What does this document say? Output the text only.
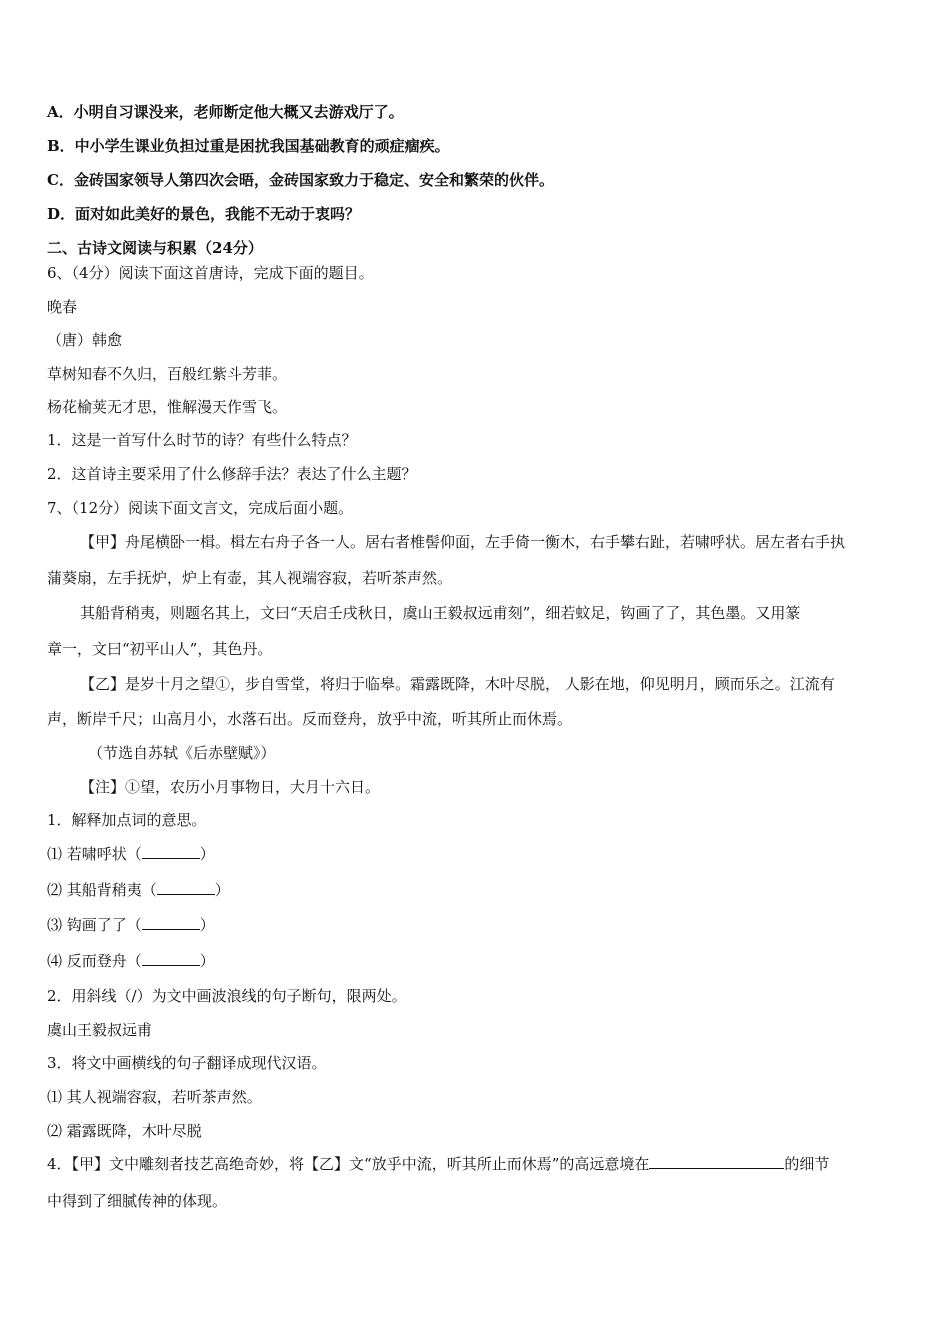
A．小明自习课没来，老师断定他大概又去游戏厅了。
B．中小学生课业负担过重是困扰我国基础教育的顽症痼疾。
C．金砖国家领导人第四次会晤，金砖国家致力于稳定、安全和繁荣的伙伴。
D．面对如此美好的景色，我能不无动于衷吗？
二、古诗文阅读与积累（24分）
6、（4分）阅读下面这首唐诗，完成下面的题目。
晚春
（唐）韩愈
草树知春不久归，百般红紫斗芳菲。
杨花榆荚无才思，惟解漫天作雪飞。
1．这是一首写什么时节的诗？有些什么特点？
2．这首诗主要采用了什么修辞手法？表达了什么主题？
7、（12分）阅读下面文言文，完成后面小题。
【甲】舟尾横卧一楫。楫左右舟子各一人。居右者椎髻仰面，左手倚一衡木，右手攀右趾，若啸呼状。居左者右手执
蒲葵扇，左手抚炉，炉上有壶，其人视端容寂，若听茶声然。
其船背稍夷，则题名其上，文曰“天启壬戌秋日，虞山王毅叔远甫刻”，细若蚊足，钩画了了，其色墨。又用篆
章一，文曰“初平山人”，其色丹。
【乙】是岁十月之望①，步自雪堂，将归于临皋。霜露既降，木叶尽脱， 人影在地，仰见明月，顾而乐之。江流有
声，断岸千尺；山高月小，水落石出。反而登舟，放乎中流，听其所止而休焉。
（节选自苏轼《后赤壁赋》）
【注】①望，农历小月事物日，大月十六日。
1．解释加点词的意思。
⑴ 若啸呼状（	）
⑵ 其船背稍夷（	）
⑶ 钩画了了（	）
⑷ 反而登舟（	）
2．用斜线（/）为文中画波浪线的句子断句，限两处。
虞山王毅叔远甫
3．将文中画横线的句子翻译成现代汉语。
⑴ 其人视端容寂，若听茶声然。
⑵ 霜露既降，木叶尽脱
4．【甲】文中雕刻者技艺高绝奇妙，将【乙】文“放乎中流，听其所止而休焉”的高远意境在	的细节
中得到了细腻传神的体现。
